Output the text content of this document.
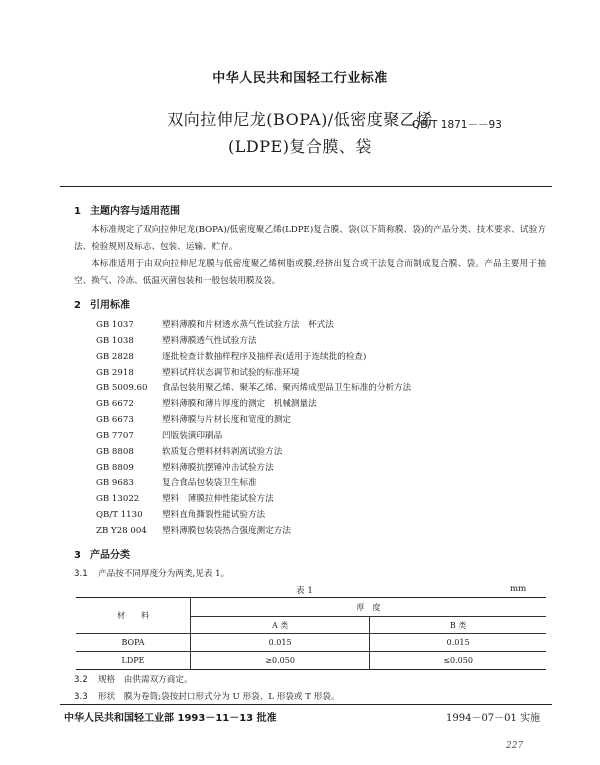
中华人民共和国轻工行业标准
双向拉伸尼龙(BOPA)/低密度聚乙烯
(LDPE)复合膜、袋
QB/T 1871－－93
1 主题内容与适用范围
本标准规定了双向拉伸尼龙(BOPA)/低密度聚乙烯(LDPE)复合膜、袋(以下简称膜、袋)的产品分类、技术要求、试验方法、检验规则及标志、包装、运输、贮存。
本标准适用于由双向拉伸尼龙膜与低密度聚乙烯树脂或膜,经挤出复合或干法复合而制成复合膜、袋。产品主要用于抽空、换气、冷冻、低温灭菌包装和一般包装用膜及袋。
2 引用标准
GB 1037	塑料薄膜和片材透水蒸气性试验方法　杯式法
GB 1038	塑料薄膜透气性试验方法
GB 2828	逐批检查计数抽样程序及抽样表(适用于连续批的检查)
GB 2918	塑料试样状态调节和试验的标准环境
GB 5009.60 食品包装用聚乙烯、聚苯乙烯、聚丙烯成型品卫生标准的分析方法
GB 6672	塑料薄膜和薄片厚度的测定　机械测量法
GB 6673	塑料薄膜与片材长度和宽度的测定
GB 7707	凹版装潢印刷品
GB 8808	软质复合塑料材料剥离试验方法
GB 8809	塑料薄膜抗摆锤冲击试验方法
GB 9683	复合食品包装袋卫生标准
GB 13022	塑料　薄膜拉伸性能试验方法
QB/T 1130 塑料直角撕裂性能试验方法
ZB Y28 004 塑料薄膜包装袋热合强度测定方法
3 产品分类
3.1 产品按不同厚度分为两类,见表 1。
表 1	mm
材　　料	厚　度	
	A 类	B 类
BOPA	0.015	0.015
LDPE	≥0.050	≤0.050
3.2 规格　由供需双方商定。
3.3 形状　膜为卷筒;袋按封口形式分为 U 形袋、L 形袋或 T 形袋。
中华人民共和国轻工业部 1993－11－13 批准	1994－07－01 实施
227
